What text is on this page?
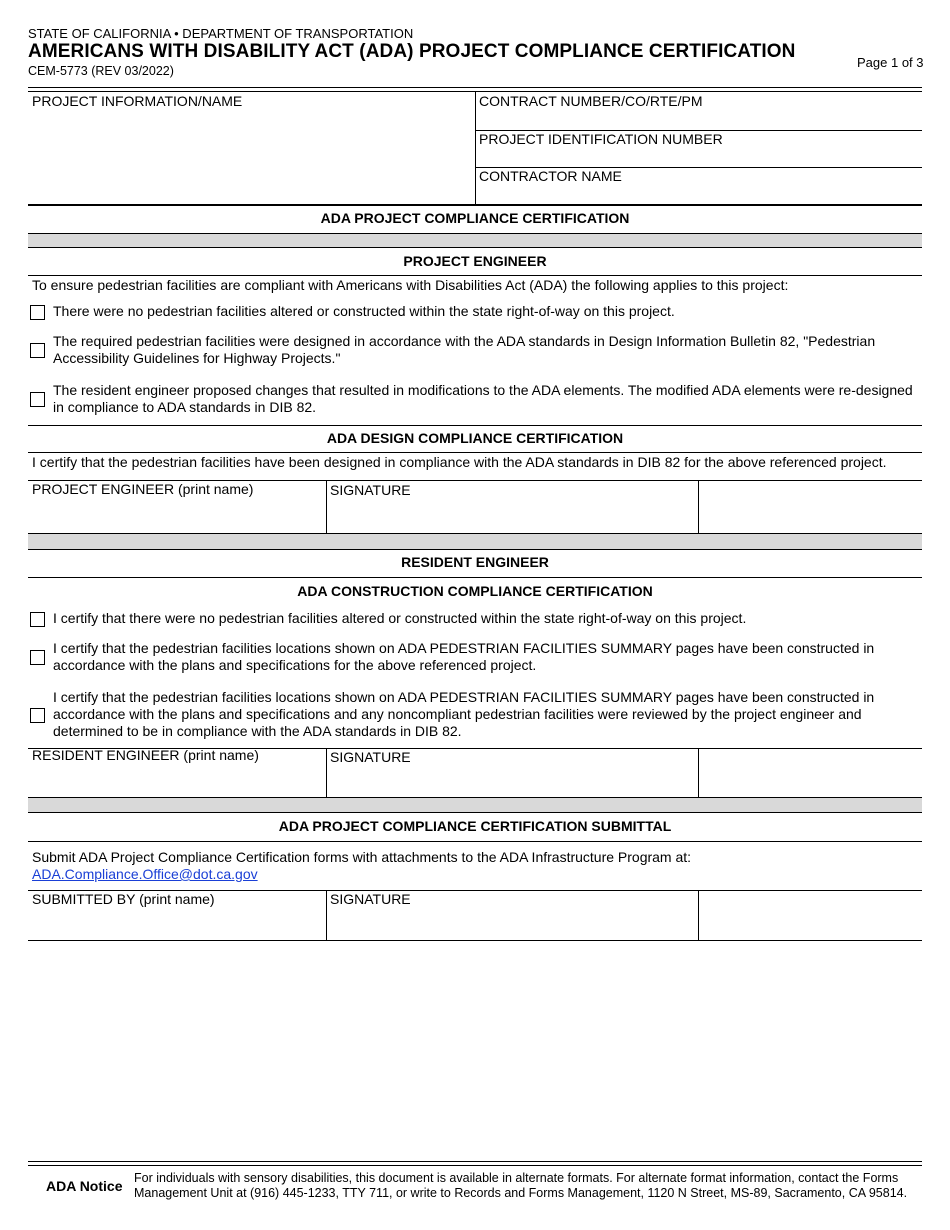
STATE OF CALIFORNIA • DEPARTMENT OF TRANSPORTATION
AMERICANS WITH DISABILITY ACT (ADA) PROJECT COMPLIANCE CERTIFICATION
CEM-5773 (REV 03/2022)
Page 1 of 3
PROJECT INFORMATION/NAME	CONTRACT NUMBER/CO/RTE/PM
PROJECT IDENTIFICATION NUMBER
CONTRACTOR NAME
ADA PROJECT COMPLIANCE CERTIFICATION
PROJECT ENGINEER
To ensure pedestrian facilities are compliant with Americans with Disabilities Act (ADA) the following applies to this project:
There were no pedestrian facilities altered or constructed within the state right-of-way on this project.
The required pedestrian facilities were designed in accordance with the ADA standards in Design Information Bulletin 82, "Pedestrian Accessibility Guidelines for Highway Projects."
The resident engineer proposed changes that resulted in modifications to the ADA elements. The modified ADA elements were re-designed in compliance to ADA standards in DIB 82.
ADA DESIGN COMPLIANCE CERTIFICATION
I certify that the pedestrian facilities have been designed in compliance with the ADA standards in DIB 82 for the above referenced project.
PROJECT ENGINEER (print name)	SIGNATURE
RESIDENT ENGINEER
ADA CONSTRUCTION COMPLIANCE CERTIFICATION
I certify that there were no pedestrian facilities altered or constructed within the state right-of-way on this project.
I certify that the pedestrian facilities locations shown on ADA PEDESTRIAN FACILITIES SUMMARY pages have been constructed in accordance with the plans and specifications for the above referenced project.
I certify that the pedestrian facilities locations shown on ADA PEDESTRIAN FACILITIES SUMMARY pages have been constructed in accordance with the plans and specifications and any noncompliant pedestrian facilities were reviewed by the project engineer and determined to be in compliance with the ADA standards in DIB 82.
RESIDENT ENGINEER (print name)	SIGNATURE
ADA PROJECT COMPLIANCE CERTIFICATION SUBMITTAL
Submit ADA Project Compliance Certification forms with attachments to the ADA Infrastructure Program at:
ADA.Compliance.Office@dot.ca.gov
SUBMITTED BY (print name)	SIGNATURE
ADA Notice For individuals with sensory disabilities, this document is available in alternate formats. For alternate format information, contact the Forms Management Unit at (916) 445-1233, TTY 711, or write to Records and Forms Management, 1120 N Street, MS-89, Sacramento, CA 95814.
